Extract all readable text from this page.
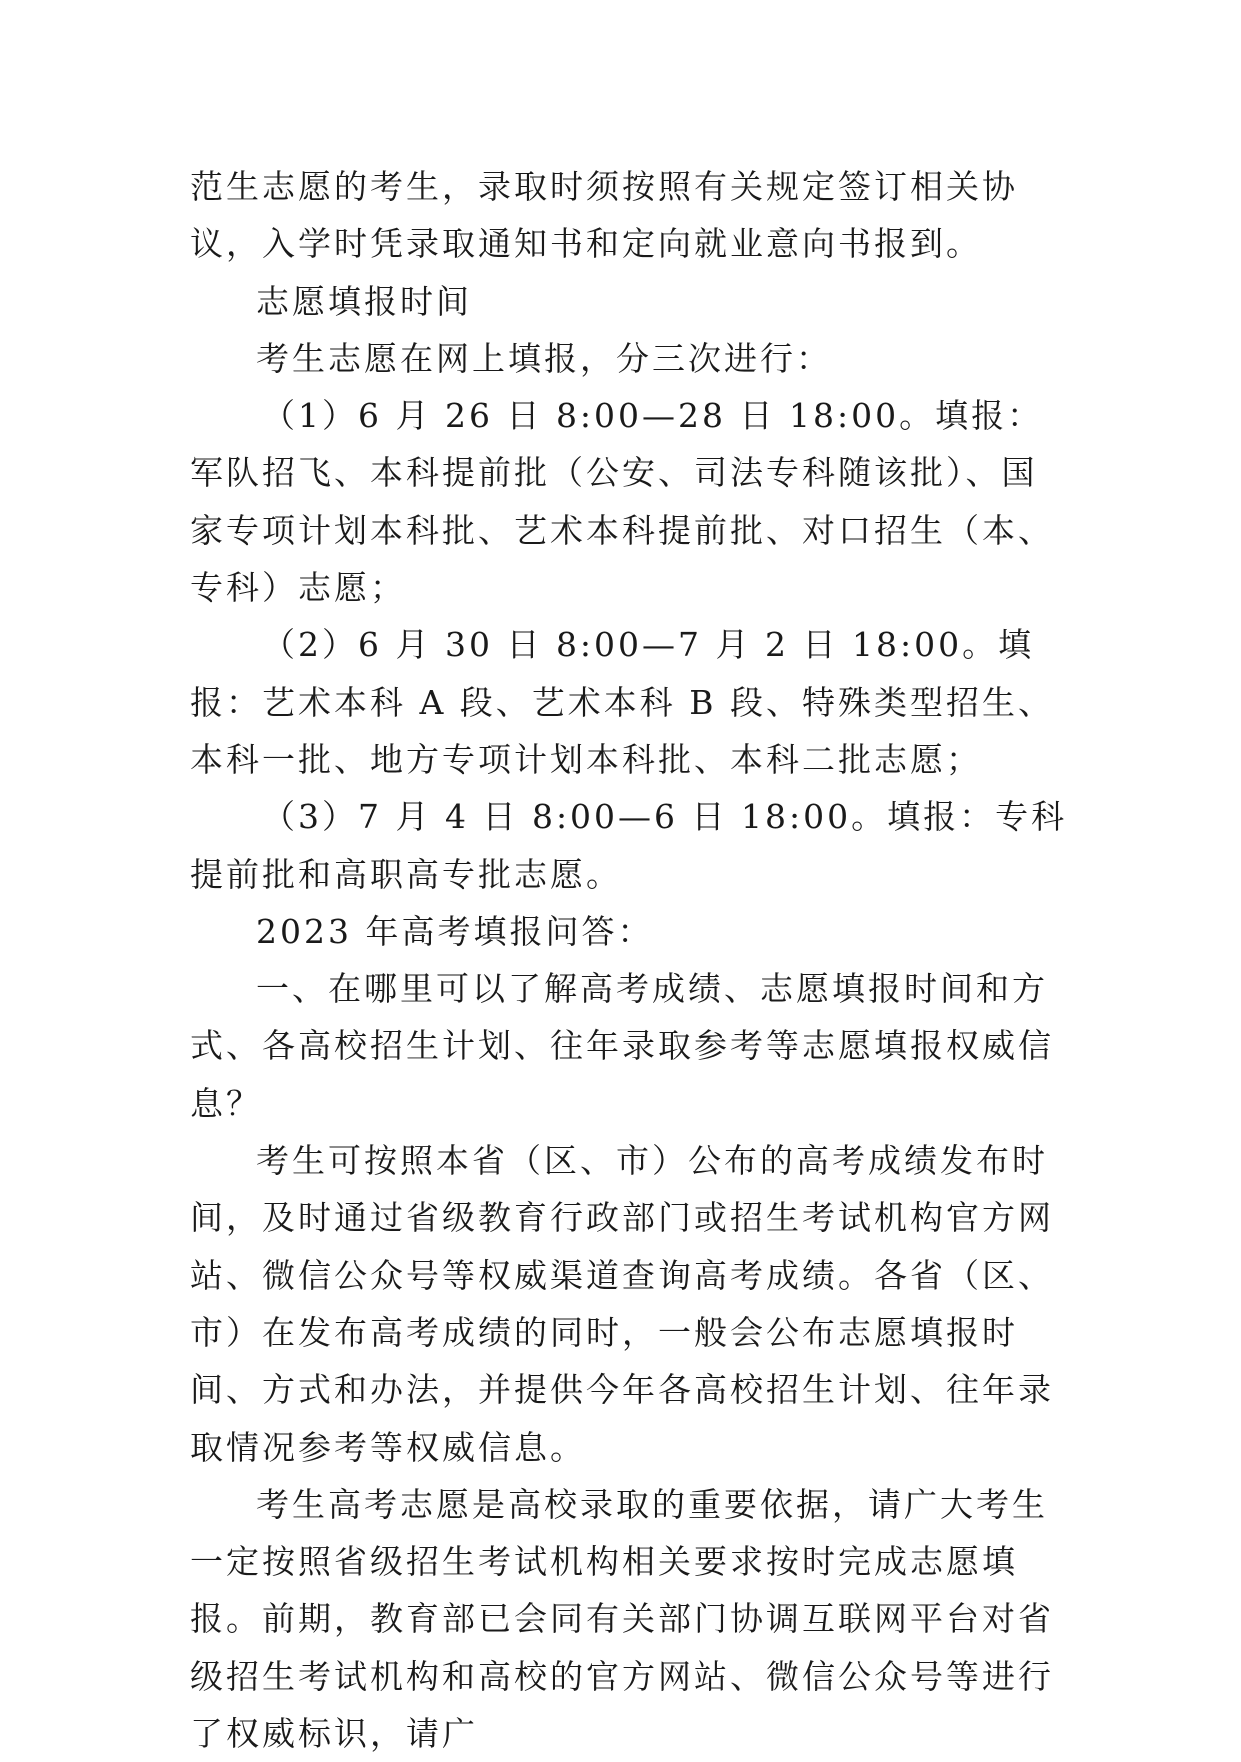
范生志愿的考生，录取时须按照有关规定签订相关协议，入学时凭录取通知书和定向就业意向书报到。

志愿填报时间

考生志愿在网上填报，分三次进行：

（1）6 月 26 日 8:00—28 日 18:00。填报：军队招飞、本科提前批（公安、司法专科随该批）、国家专项计划本科批、艺术本科提前批、对口招生（本、专科）志愿；

（2）6 月 30 日 8:00—7 月 2 日 18:00。填报：艺术本科 A 段、艺术本科 B 段、特殊类型招生、本科一批、地方专项计划本科批、本科二批志愿；

（3）7 月 4 日 8:00—6 日 18:00。填报：专科提前批和高职高专批志愿。

2023 年高考填报问答：

一、在哪里可以了解高考成绩、志愿填报时间和方式、各高校招生计划、往年录取参考等志愿填报权威信息？

考生可按照本省（区、市）公布的高考成绩发布时间，及时通过省级教育行政部门或招生考试机构官方网站、微信公众号等权威渠道查询高考成绩。各省（区、市）在发布高考成绩的同时，一般会公布志愿填报时间、方式和办法，并提供今年各高校招生计划、往年录取情况参考等权威信息。

考生高考志愿是高校录取的重要依据，请广大考生一定按照省级招生考试机构相关要求按时完成志愿填报。前期，教育部已会同有关部门协调互联网平台对省级招生考试机构和高校的官方网站、微信公众号等进行了权威标识，请广
